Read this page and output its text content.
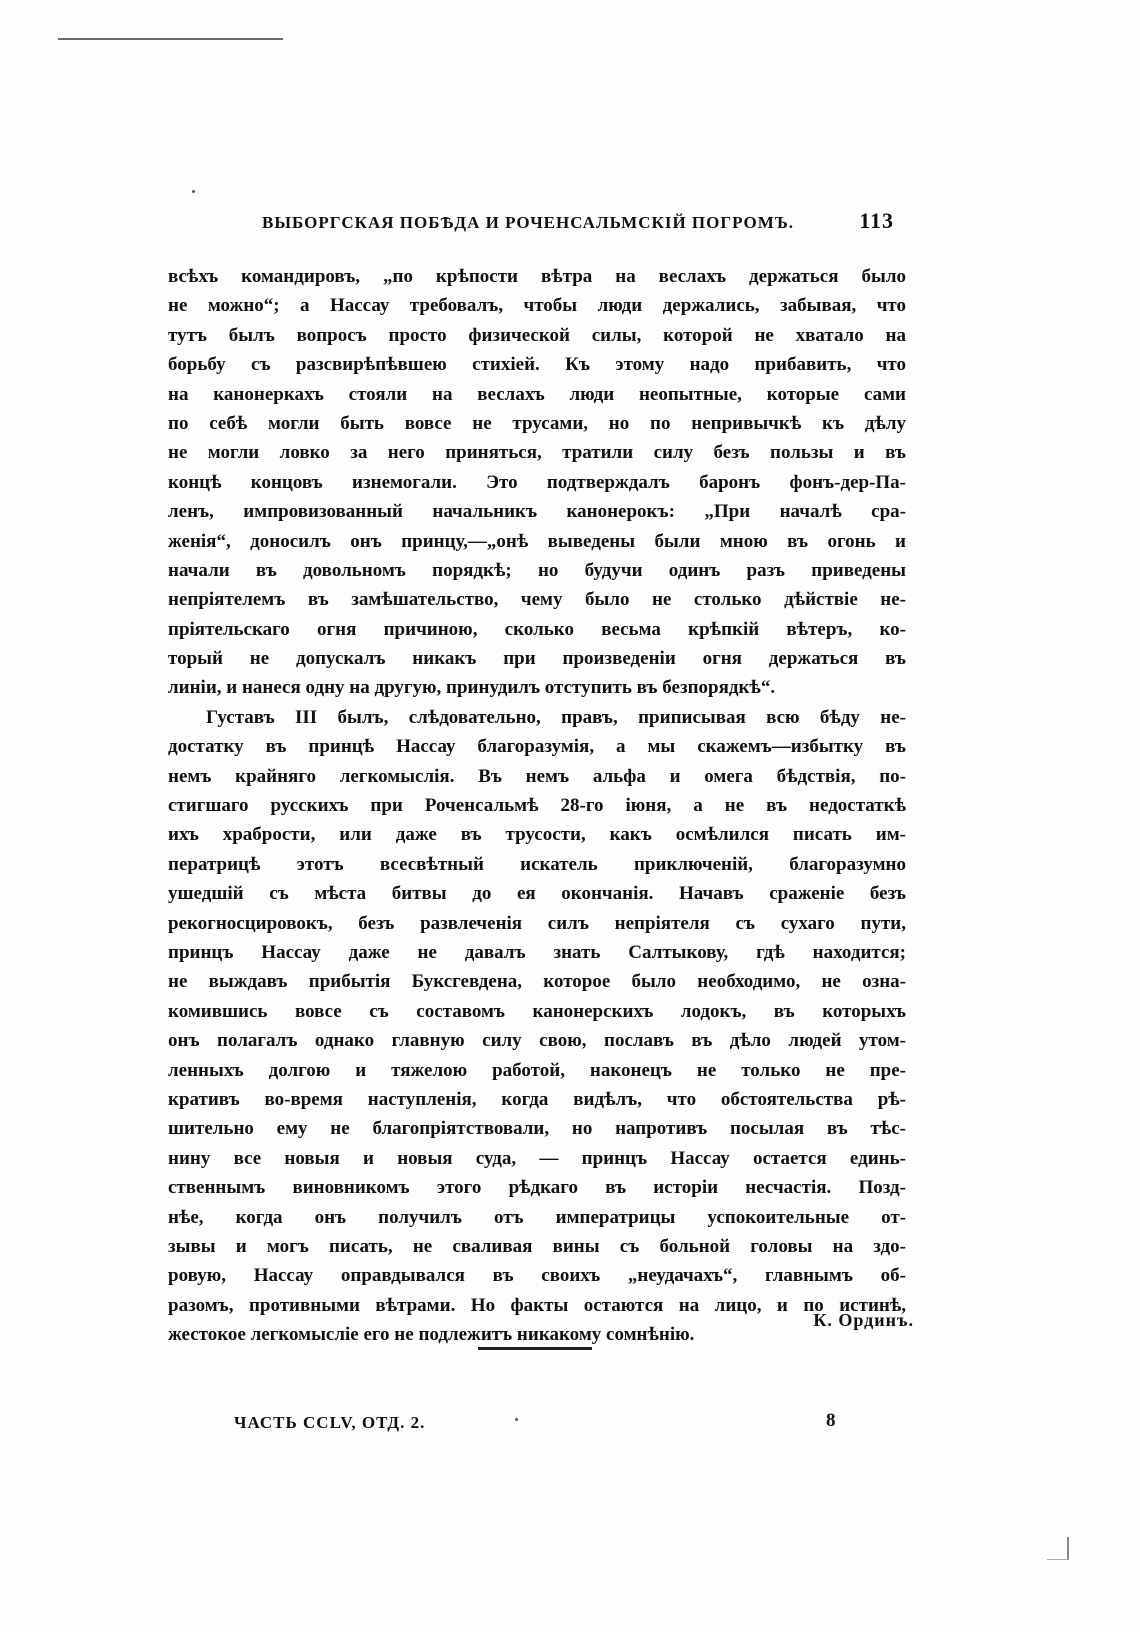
ВЫБОРГСКАЯ ПОБѢДА И РОЧЕНСАЛЬМСКІЙ ПОГРОМЪ.	113
всѣхъ командировъ, „по крѣпости вѣтра на веслахъ держаться было
не можно“; а Нассау требовалъ, чтобы люди держались, забывая, что
тутъ былъ вопросъ просто физической силы, которой не хватало на
борьбу съ разсвирѣпѣвшею стихіей. Къ этому надо прибавить, что
на канонеркахъ стояли на веслахъ люди неопытные, которые сами
по себѣ могли быть вовсе не трусами, но по непривычкѣ къ дѣлу
не могли ловко за него приняться, тратили силу безъ пользы и въ
концѣ концовъ изнемогали. Это подтверждалъ баронъ фонъ-дер-Па-
ленъ, импровизованный начальникъ канонерокъ: „При началѣ сра-
женія“, доносилъ онъ принцу,—„онѣ выведены были мною въ огонь и
начали въ довольномъ порядкѣ; но будучи одинъ разъ приведены
непріятелемъ въ замѣшательство, чему было не столько дѣйствіе не-
пріятельскаго огня причиною, сколько весьма крѣпкій вѣтеръ, ко-
торый не допускалъ никакъ при произведеніи огня держаться въ
линіи, и нанеся одну на другую, принудилъ отступить въ безпорядкѣ“.
Густавъ III былъ, слѣдовательно, правъ, приписывая всю бѣду не-
достатку въ принцѣ Нассау благоразумія, а мы скажемъ—избытку въ
немъ крайняго легкомыслія. Въ немъ альфа и омега бѣдствія, по-
стигшаго русскихъ при Роченсальмѣ 28-го іюня, а не въ недостаткѣ
ихъ храбрости, или даже въ трусости, какъ осмѣлился писать им-
ператрицѣ этотъ всесвѣтный искатель приключеній, благоразумно
ушедшій съ мѣста битвы до ея окончанія. Начавъ сраженіе безъ
рекогносцировокъ, безъ развлеченія силъ непріятеля съ сухаго пути,
принцъ Нассау даже не давалъ знать Салтыкову, гдѣ находится;
не выждавъ прибытія Буксгевдена, которое было необходимо, не озна-
комившись вовсе съ составомъ канонерскихъ лодокъ, въ которыхъ
онъ полагалъ однако главную силу свою, пославъ въ дѣло людей утом-
ленныхъ долгою и тяжелою работой, наконецъ не только не пре-
кративъ во-время наступленія, когда видѣлъ, что обстоятельства рѣ-
шительно ему не благопріятствовали, но напротивъ посылая въ тѣс-
нину все новыя и новыя суда, — принцъ Нассау остается единь-
ственнымъ виновникомъ этого рѣдкаго въ исторіи несчастія. Позд-
нѣе, когда онъ получилъ отъ императрицы успокоительные от-
зывы и могъ писать, не сваливая вины съ больной головы на здо-
ровую, Нассау оправдывался въ своихъ „неудачахъ“, главнымъ об-
разомъ, противными вѣтрами. Но факты остаются на лицо, и по истинѣ,
жестокое легкомысліе его не подлежитъ никакому сомнѣнію.
К. Ординъ.
ЧАСТЬ CCLV, ОТД. 2.	8
